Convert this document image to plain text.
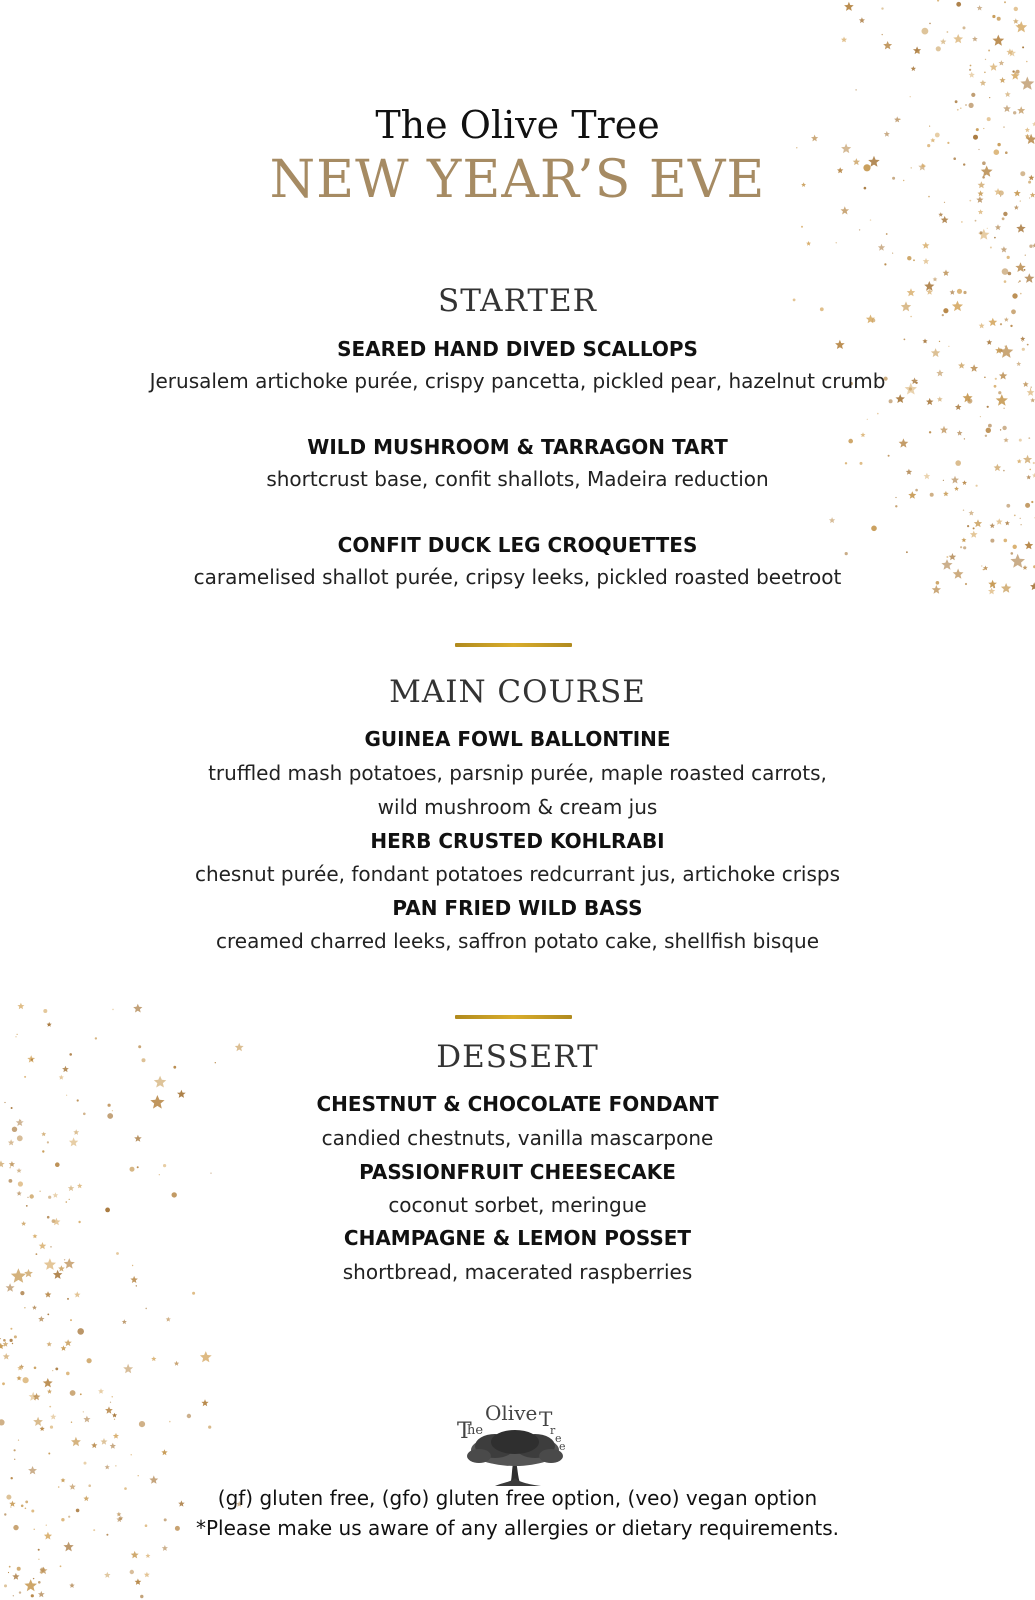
The Olive Tree
NEW YEAR’S EVE
STARTER
SEARED HAND DIVED SCALLOPS
Jerusalem artichoke purée, crispy pancetta, pickled pear, hazelnut crumb
WILD MUSHROOM & TARRAGON TART
shortcrust base, confit shallots, Madeira reduction
CONFIT DUCK LEG CROQUETTES
caramelised shallot purée, cripsy leeks, pickled roasted beetroot
MAIN COURSE
GUINEA FOWL BALLONTINE
truffled mash potatoes, parsnip purée, maple roasted carrots,
wild mushroom & cream jus
HERB CRUSTED KOHLRABI
chesnut purée, fondant potatoes redcurrant jus, artichoke crisps
PAN FRIED WILD BASS
creamed charred leeks, saffron potato cake, shellfish bisque
DESSERT
CHESTNUT & CHOCOLATE FONDANT
candied chestnuts, vanilla mascarpone
PASSIONFRUIT CHEESECAKE
coconut sorbet, meringue
CHAMPAGNE & LEMON POSSET
shortbread, macerated raspberries
T
he
Olive T
r
e
e
(gf) gluten free, (gfo) gluten free option, (veo) vegan option
*Please make us aware of any allergies or dietary requirements.
